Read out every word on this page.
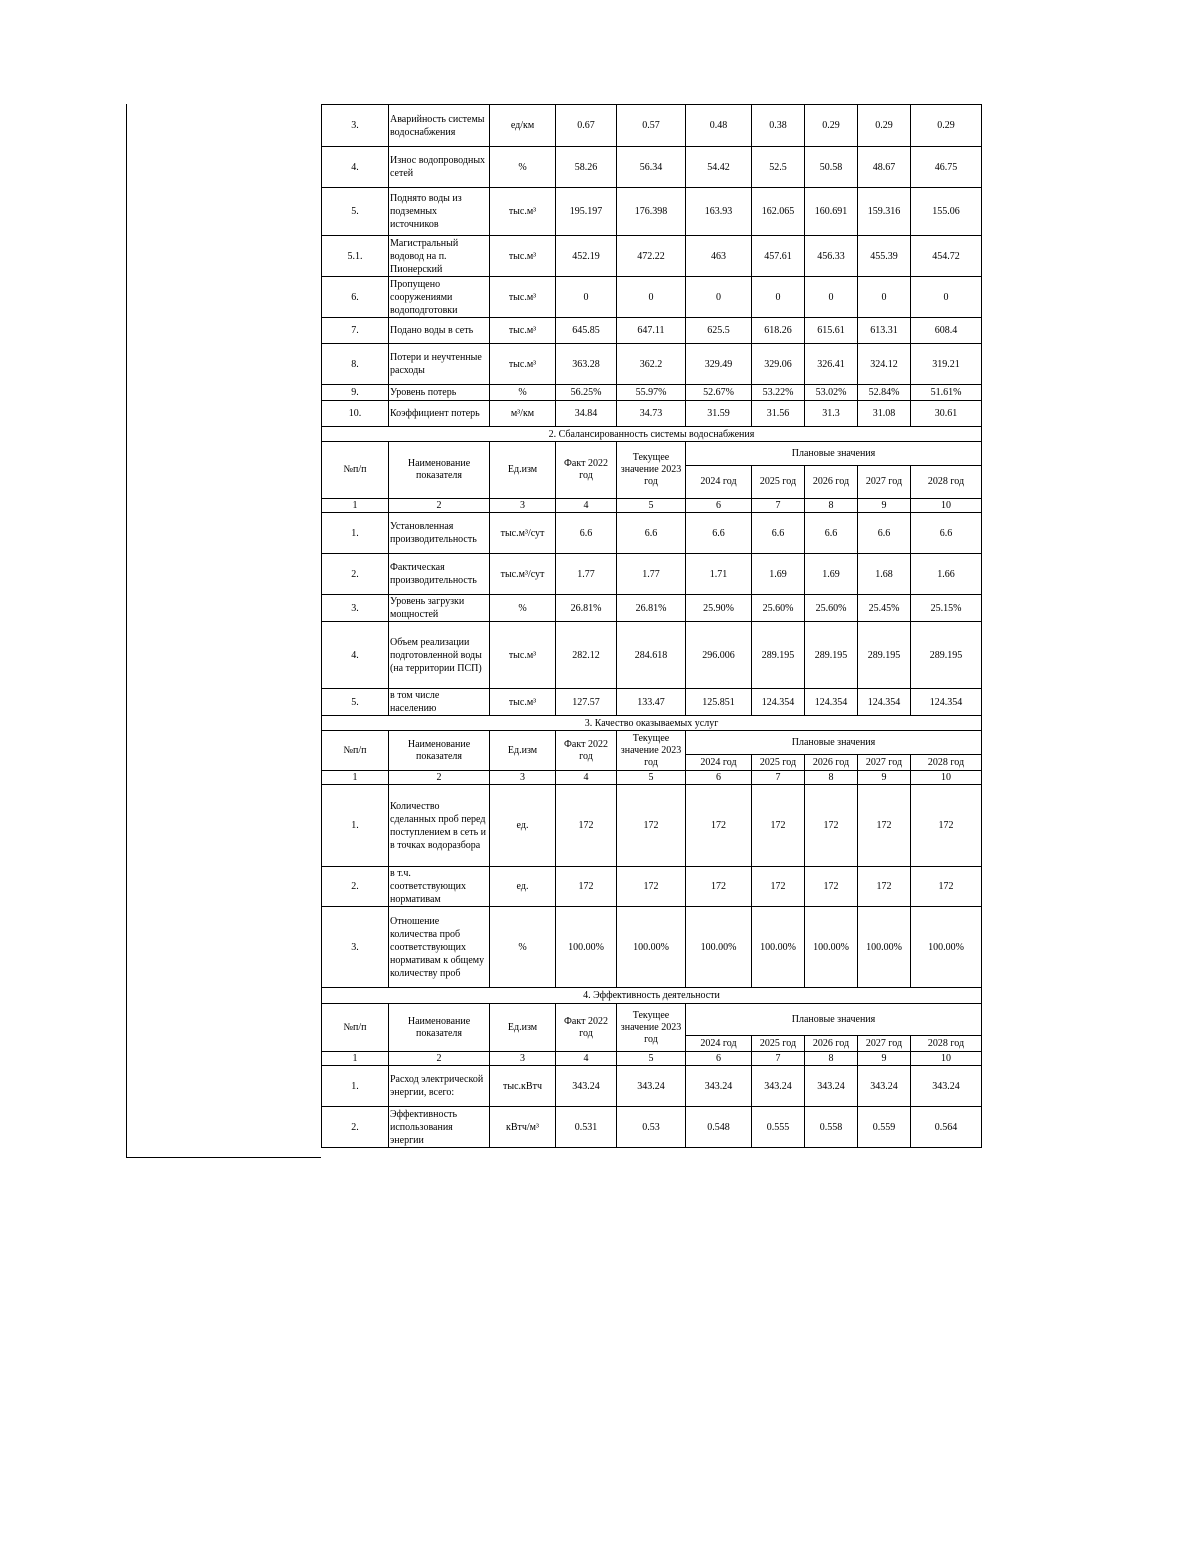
3.	Аварийность системы водоснабжения	ед/км	0.67	0.57	0.48	0.38	0.29	0.29	0.29
4.	Износ водопроводных сетей	%	58.26	56.34	54.42	52.5	50.58	48.67	46.75
5.	Поднято воды из подземных источников	тыс.м³	195.197	176.398	163.93	162.065	160.691	159.316	155.06
5.1.	Магистральный водовод на п. Пионерский	тыс.м³	452.19	472.22	463	457.61	456.33	455.39	454.72
6.	Пропущено сооружениями водоподготовки	тыс.м³	0	0	0	0	0	0	0
7.	Подано воды в сеть	тыс.м³	645.85	647.11	625.5	618.26	615.61	613.31	608.4
8.	Потери и неучтенные расходы	тыс.м³	363.28	362.2	329.49	329.06	326.41	324.12	319.21
9.	Уровень потерь	%	56.25%	55.97%	52.67%	53.22%	53.02%	52.84%	51.61%
10.	Коэффициент потерь	м³/км	34.84	34.73	31.59	31.56	31.3	31.08	30.61
2. Сбалансированность системы водоснабжения									
№п/п	Наименование показателя	Ед.изм	Факт 2022 год	Текущее значение 2023 год	Плановые значения				
					2024 год	2025 год	2026 год	2027 год	2028 год
1	2	3	4	5	6	7	8	9	10
1.	Установленная производительность	тыс.м³/сут	6.6	6.6	6.6	6.6	6.6	6.6	6.6
2.	Фактическая производительность	тыс.м³/сут	1.77	1.77	1.71	1.69	1.69	1.68	1.66
3.	Уровень загрузки мощностей	%	26.81%	26.81%	25.90%	25.60%	25.60%	25.45%	25.15%
4.	Объем реализации подготовленной воды (на территории ПСП)	тыс.м³	282.12	284.618	296.006	289.195	289.195	289.195	289.195
5.	в том числе населению	тыс.м³	127.57	133.47	125.851	124.354	124.354	124.354	124.354
3. Качество оказываемых услуг									
№п/п	Наименование показателя	Ед.изм	Факт 2022 год	Текущее значение 2023 год	Плановые значения				
					2024 год	2025 год	2026 год	2027 год	2028 год
1	2	3	4	5	6	7	8	9	10
1.	Количество сделанных проб перед поступлением в сеть и в точках водоразбора	ед.	172	172	172	172	172	172	172
2.	в т.ч. соответствующих нормативам	ед.	172	172	172	172	172	172	172
3.	Отношение количества проб соответствующих нормативам к общему количеству проб	%	100.00%	100.00%	100.00%	100.00%	100.00%	100.00%	100.00%
4. Эффективность деятельности									
№п/п	Наименование показателя	Ед.изм	Факт 2022 год	Текущее значение 2023 год	Плановые значения				
					2024 год	2025 год	2026 год	2027 год	2028 год
1	2	3	4	5	6	7	8	9	10
1.	Расход электрической энергии, всего:	тыс.кВтч	343.24	343.24	343.24	343.24	343.24	343.24	343.24
2.	Эффективность использования энергии	кВтч/м³	0.531	0.53	0.548	0.555	0.558	0.559	0.564
